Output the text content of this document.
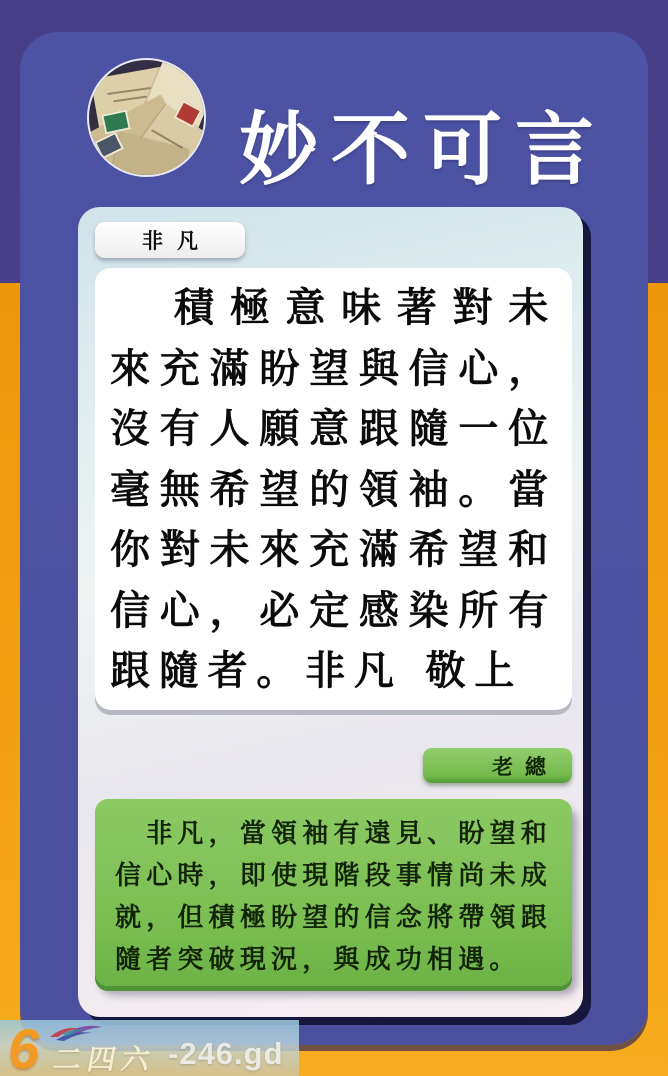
妙不可言
非凡

積極意味著對未來充滿盼望與信心，沒有人願意跟隨一位毫無希望的領袖。當你對未來充滿希望和信心，必定感染所有跟隨者。非凡 敬上

老總

非凡，當領袖有遠見、盼望和信心時，即使現階段事情尚未成就，但積極盼望的信念將帶領跟隨者突破現況，與成功相遇。

6 二四六 -246.gd
